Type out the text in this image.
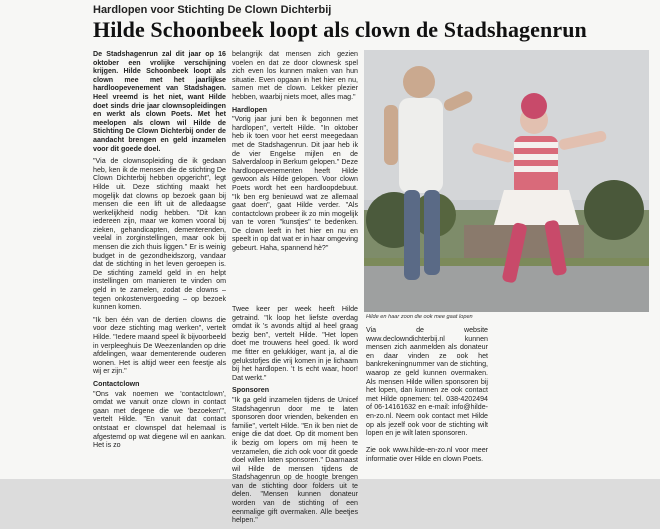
Hardlopen voor Stichting De Clown Dichterbij
Hilde Schoonbeek loopt als clown de Stadshagenrun

De Stadshagenrun zal dit jaar op 16 oktober een vrolijke verschijning krijgen. Hilde Schoonbeek loopt als clown mee met het jaarlijkse hardloopevenement van Stadshagen. Heel vreemd is het niet, want Hilde doet sinds drie jaar clownsopleidingen en werkt als clown Poets. Met het meelopen als clown wil Hilde de Stichting De Clown Dichterbij onder de aandacht brengen en geld inzamelen voor dit goede doel.

"Via de clownsopleiding die ik gedaan heb, ken ik de mensen die de stichting De Clown Dichterbij hebben opgericht", legt Hilde uit. Deze stichting maakt het mogelijk dat clowns op bezoek gaan bij mensen die een lift uit de alledaagse werkelijkheid nodig hebben. "Dit kan iedereen zijn, maar we komen vooral bij zieken, gehandicapten, dementerenden, veelal in zorginstellingen, maar ook bij mensen die zich thuis liggen." Er is weinig budget in de gezondheidszorg, vandaar dat de stichting in het leven geroepen is. De stichting zameld geld in en helpt instellingen om manieren te vinden om geld in te zamelen, zodat de clowns – tegen onkostenvergoeding – op bezoek kunnen komen.

"Ik ben één van de dertien clowns die voor deze stichting mag werken", vertelt Hilde. "Iedere maand speel ik bijvoorbeeld in verpleeghuis De Weezenlanden op drie afdelingen, waar dementerende ouderen wonen. Het is altijd weer een feestje als wij er zijn."

Contactclown

"Ons vak noemen we 'contactclown', omdat we vanuit onze clown in contact gaan met degene die we 'bezoeken'", vertelt Hilde. "En vanuit dat contact ontstaat er clownspel dat helemaal is afgestemd op wat diegene wil en aankan. Het is zo

belangrijk dat mensen zich gezien voelen en dat ze door clownesk spel zich even los kunnen maken van hun situatie. Even opgaan in het hier en nu, samen met de clown. Lekker plezier hebben, waarbij niets moet, alles mag."

Hardlopen

"Vorig jaar juni ben ik begonnen met hardlopen", vertelt Hilde. "In oktober heb ik toen voor het eerst meegedaan met de Stadshagenrun. Dit jaar heb ik de vier Engelse mijlen en de Salverdaloop in Berkum gelopen." Deze hardloopevenementen heeft Hilde gewoon als Hilde gelopen. Voor clown Poets wordt het een hardloopdebuut. "Ik ben erg benieuwd wat ze allemaal gaat doen", gaat Hilde verder. "Als contactclown probeer ik zo min mogelijk van te voren "kunstjes" te bedenken. De clown leeft in het hier en nu en speelt in op dat wat er in haar omgeving gebeurt. Haha, spannend hè?"

Twee keer per week heeft Hilde getraind. "Ik loop het liefste overdag omdat ik 's avonds altijd al heel graag bezig ben", vertelt Hilde. "Het lopen doet me trouwens heel goed. Ik word me fitter en gelukkiger, want ja, al die gelukstofjes die vrij komen in je lichaam bij het hardlopen. 't Is echt waar, hoor! Dat werkt."

Sponsoren

"Ik ga geld inzamelen tijdens de Unicef Stadshagenrun door me te laten sponsoren door vrienden, bekenden en familie", vertelt Hilde. "En ik ben niet de enige die dat doet. Op dit moment ben ik bezig om lopers om mij heen te verzamelen, die zich ook voor dit goede doel willen laten sponsoren." Daarnaast wil Hilde de mensen tijdens de Stadshagenrun op de hoogte brengen van de stichting door folders uit te delen. "Mensen kunnen donateur worden van de stichting of een eenmalige gift overmaken. Alle beetjes helpen."

Hilde en haar zoon die ook mee gaat lopen

Via de website www.declowndichterbij.nl kunnen mensen zich aanmelden als donateur en daar vinden ze ook het bankrekeningnummer van de stichting, waarop ze geld kunnen overmaken. Als mensen Hilde willen sponsoren bij het lopen, dan kunnen ze ook contact met Hilde opnemen: tel. 038-4202494 of 06-14161632 en e-mail: info@hilde-en-zo.nl. Neem ook contact met Hilde op als jezelf ook voor de stichting wilt lopen en je wilt laten sponsoren.

Zie ook www.hilde-en-zo.nl voor meer informatie over Hilde en clown Poets.
